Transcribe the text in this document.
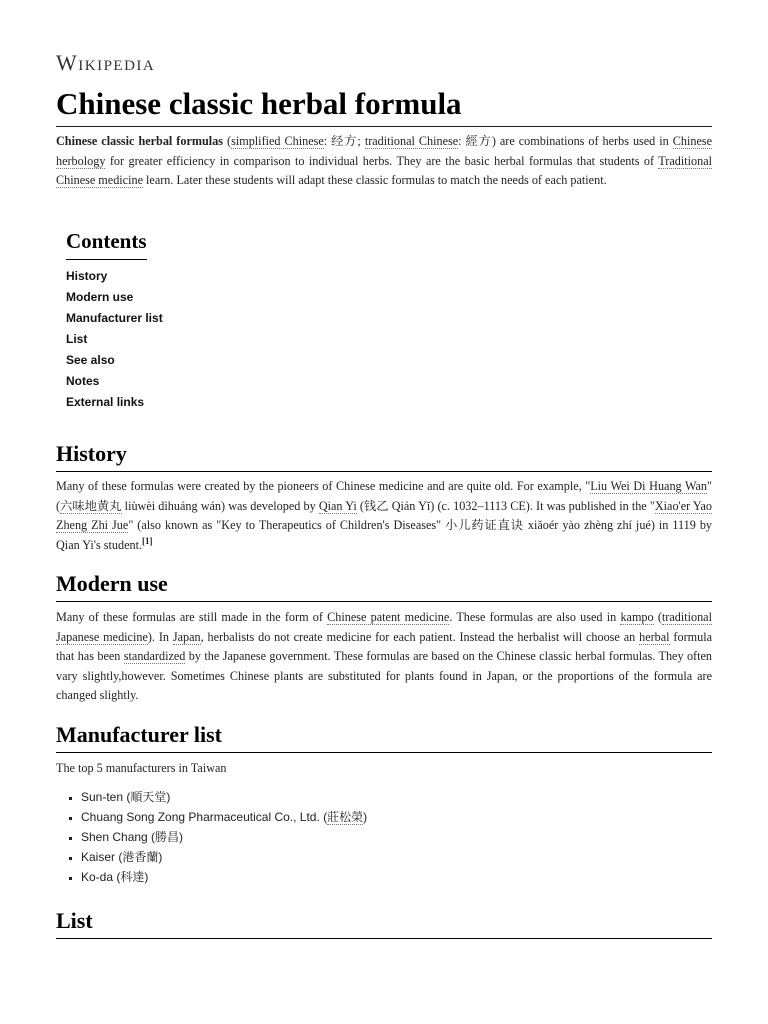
Wikipedia
Chinese classic herbal formula

Chinese classic herbal formulas (simplified Chinese: 经方; traditional Chinese: 經方) are combinations of herbs used in Chinese herbology for greater efficiency in comparison to individual herbs. They are the basic herbal formulas that students of Traditional Chinese medicine learn. Later these students will adapt these classic formulas to match the needs of each patient.

Contents
History
Modern use
Manufacturer list
List
See also
Notes
External links
History

Many of these formulas were created by the pioneers of Chinese medicine and are quite old. For example, "Liu Wei Di Huang Wan" (六味地黄丸 liùwèi dìhuáng wán) was developed by Qian Yi (钱乙 Qián Yǐ) (c. 1032–1113 CE). It was published in the "Xiao'er Yao Zheng Zhi Jue" (also known as "Key to Therapeutics of Children's Diseases" 小儿药证直诀 xiǎoér yào zhèng zhí jué) in 1119 by Qian Yi's student.[1]

Modern use

Many of these formulas are still made in the form of Chinese patent medicine. These formulas are also used in kampo (traditional Japanese medicine). In Japan, herbalists do not create medicine for each patient. Instead the herbalist will choose an herbal formula that has been standardized by the Japanese government. These formulas are based on the Chinese classic herbal formulas. They often vary slightly,however. Sometimes Chinese plants are substituted for plants found in Japan, or the proportions of the formula are changed slightly.

Manufacturer list

The top 5 manufacturers in Taiwan

▪ Sun-ten (順天堂)
▪ Chuang Song Zong Pharmaceutical Co., Ltd. (莊松榮)
▪ Shen Chang (勝昌)
▪ Kaiser (港香蘭)
▪ Ko-da (科達)
List
